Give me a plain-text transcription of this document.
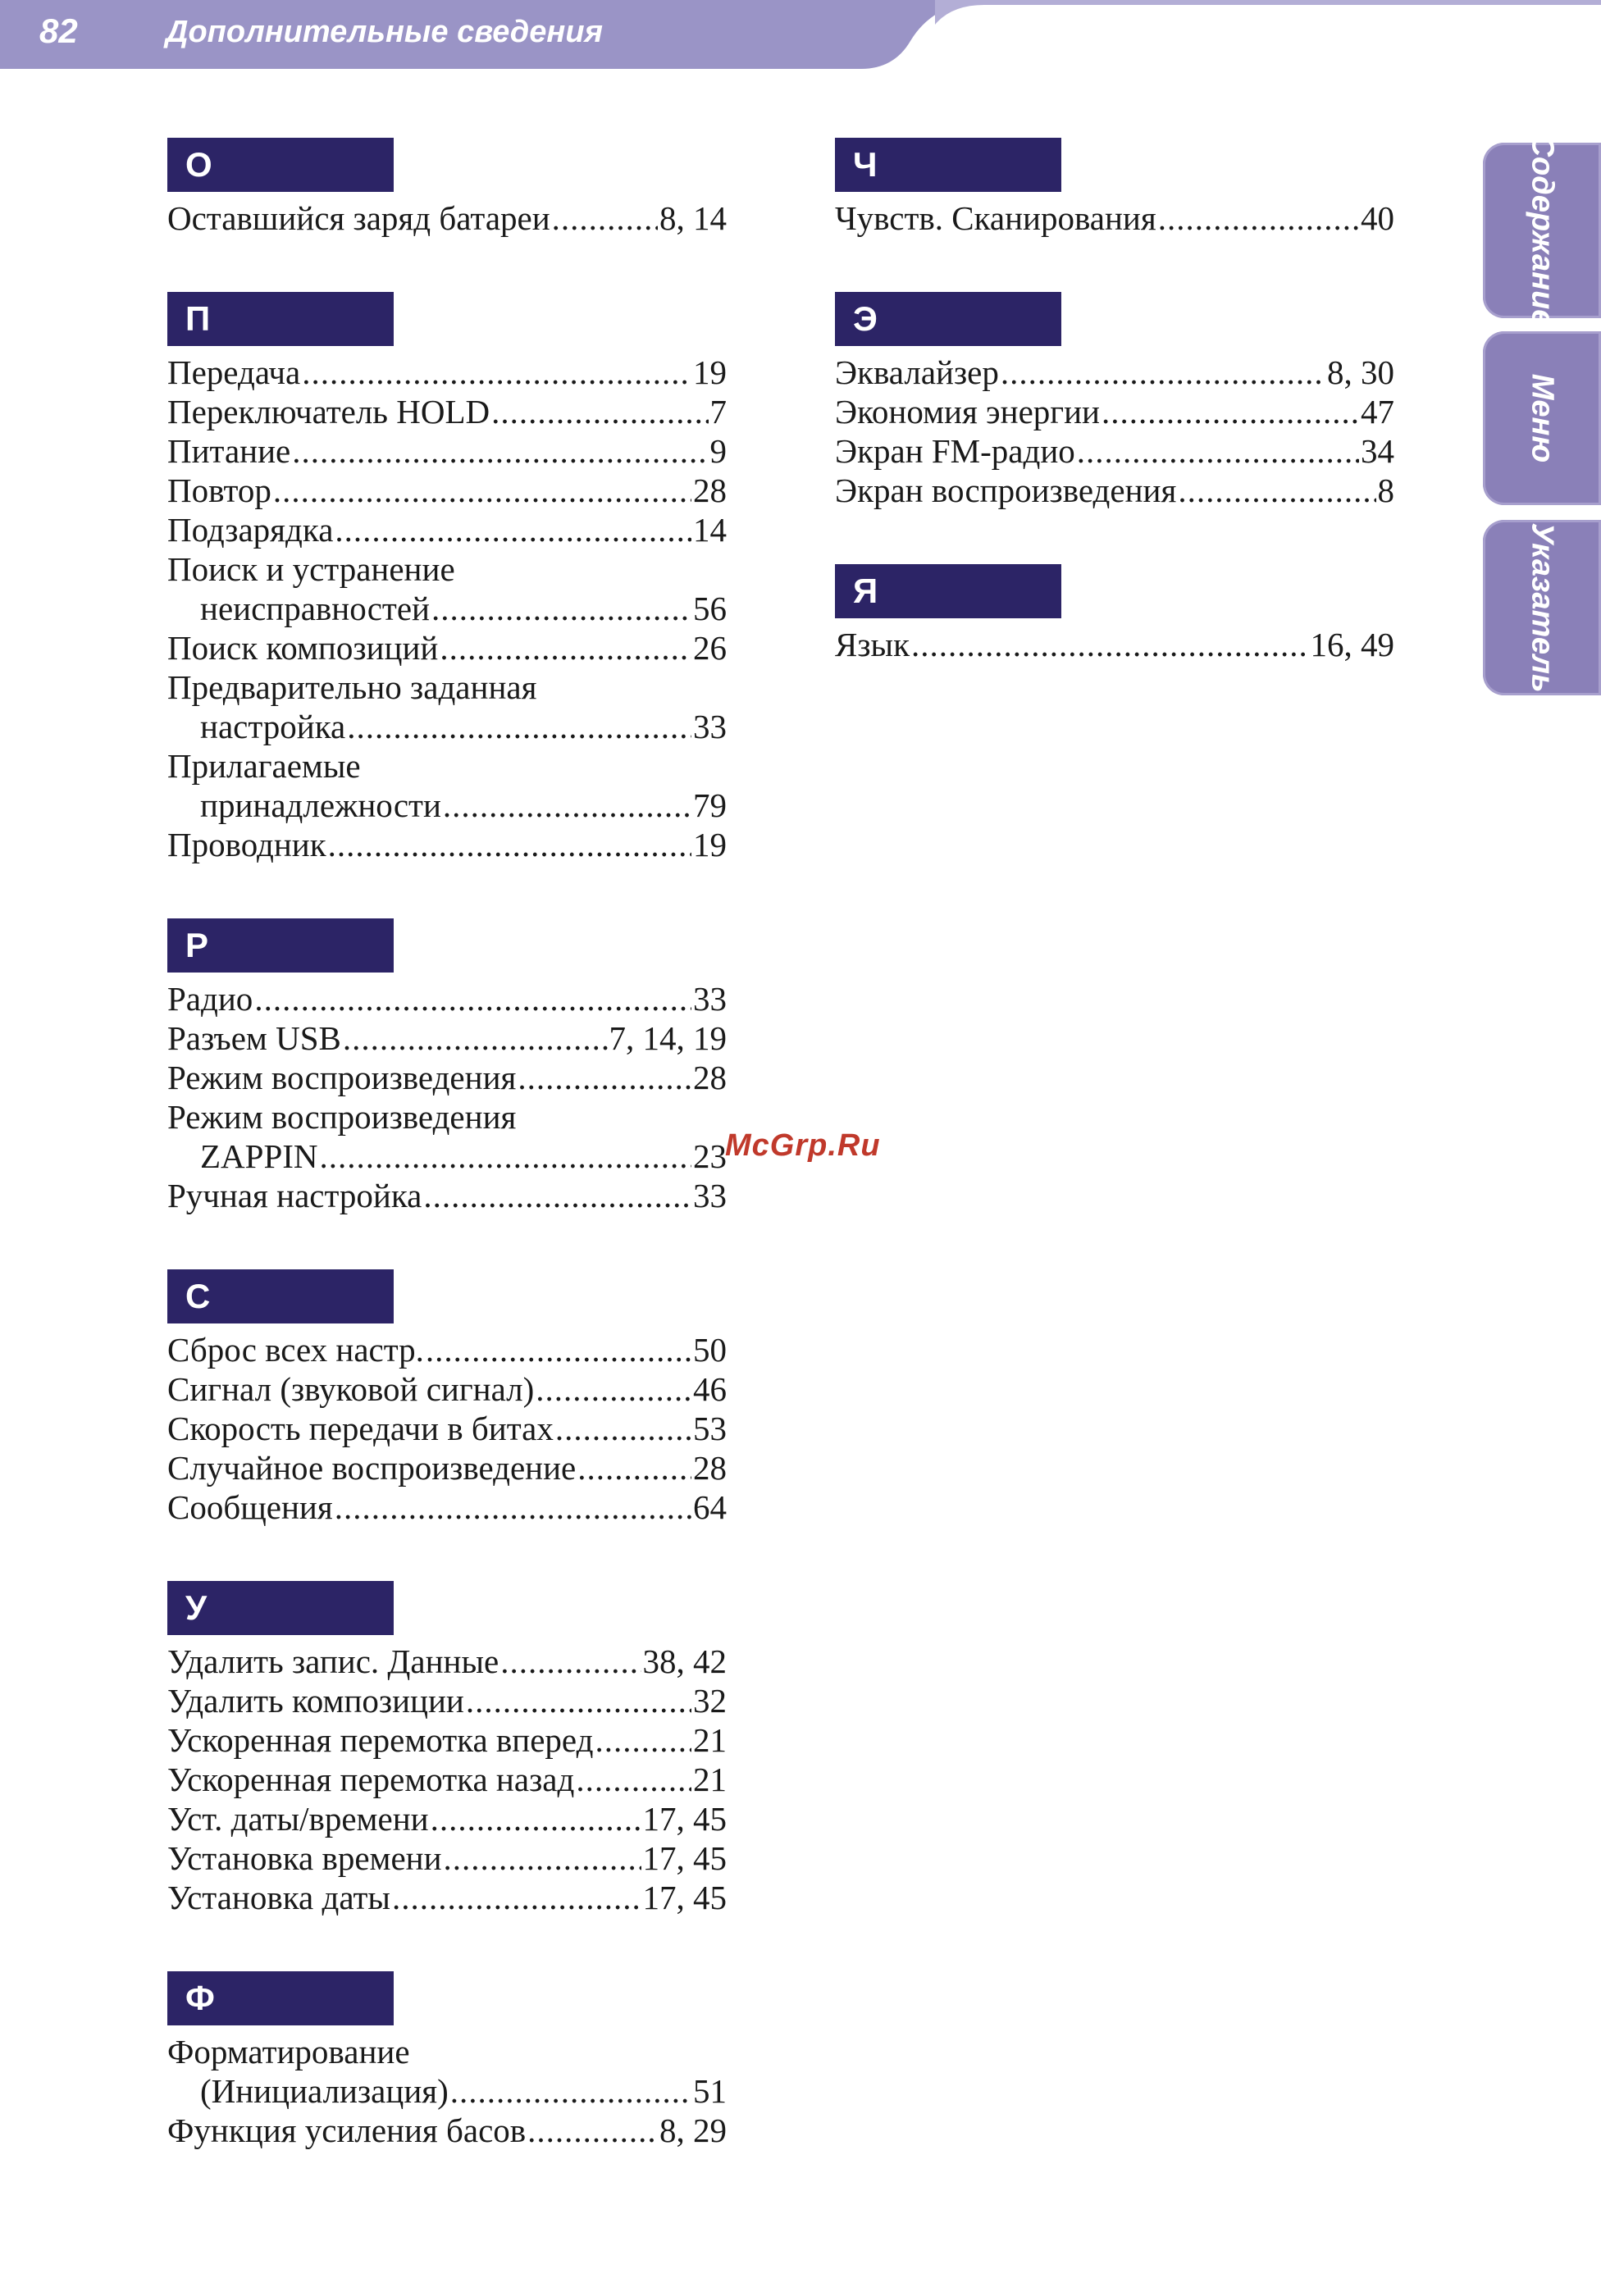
82	Дополнительные сведения
Содержание
Меню
Указатель
О
Оставшийся заряд батареи .....	8, 14
П
Передача .....	19
Переключатель HOLD .....	7
Питание .....	9
Повтор .....	28
Подзарядка .....	14
Поиск и устранение
неисправностей .....	56
Поиск композиций .....	26
Предварительно заданная
настройка .....	33
Прилагаемые
принадлежности .....	79
Проводник .....	19
Р
Радио .....	33
Разъем USB .....	7, 14, 19
Режим воспроизведения .....	28
Режим воспроизведения
ZAPPIN .....	23
Ручная настройка .....	33
С
Сброс всех настр. .....	50
Сигнал (звуковой сигнал) .....	46
Скорость передачи в битах .....	53
Случайное воспроизведение .....	28
Сообщения .....	64
У
Удалить запис. Данные .....	38, 42
Удалить композиции .....	32
Ускоренная перемотка вперед .....	21
Ускоренная перемотка назад .....	21
Уст. даты/времени .....	17, 45
Установка времени .....	17, 45
Установка даты .....	17, 45
Ф
Форматирование
(Инициализация) .....	51
Функция усиления басов .....	8, 29
Ч
Чувств. Сканирования .....	40
Э
Эквалайзер .....	8, 30
Экономия энергии .....	47
Экран FM-радио .....	34
Экран воспроизведения .....	8
Я
Язык .....	16, 49
McGrp.Ru
